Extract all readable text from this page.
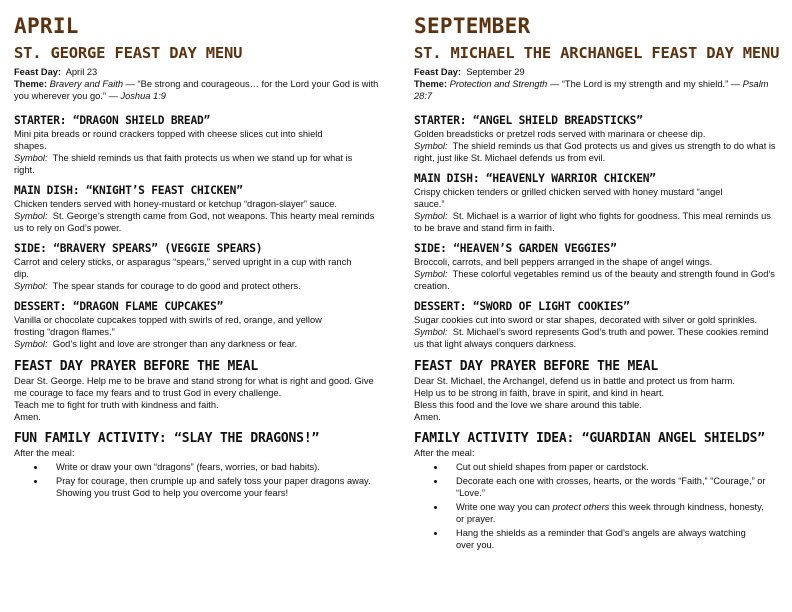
APRIL
ST. GEORGE FEAST DAY MENU

Feast Day: April 23

Theme: Bravery and Faith — “Be strong and courageous… for the Lord your God is with you wherever you go.” — Joshua 1:9

STARTER: “DRAGON SHIELD BREAD”

Mini pita breads or round crackers topped with cheese slices cut into shield shapes.

Symbol: The shield reminds us that faith protects us when we stand up for what is right.

MAIN DISH: “KNIGHT’S FEAST CHICKEN”

Chicken tenders served with honey-mustard or ketchup “dragon-slayer” sauce.

Symbol: St. George’s strength came from God, not weapons. This hearty meal reminds us to rely on God’s power.

SIDE: “BRAVERY SPEARS” (VEGGIE SPEARS)

Carrot and celery sticks, or asparagus “spears,” served upright in a cup with ranch dip.

Symbol: The spear stands for courage to do good and protect others.

DESSERT: “DRAGON FLAME CUPCAKES”

Vanilla or chocolate cupcakes topped with swirls of red, orange, and yellow frosting “dragon flames.”

Symbol: God’s light and love are stronger than any darkness or fear.

FEAST DAY PRAYER BEFORE THE MEAL

Dear St. George. Help me to be brave and stand strong for what is right and good. Give me courage to face my fears and to trust God in every challenge.

Teach me to fight for truth with kindness and faith.

Amen.

FUN FAMILY ACTIVITY: “SLAY THE DRAGONS!”

After the meal:

• Write or draw your own “dragons” (fears, worries, or bad habits).
• Pray for courage, then crumple up and safely toss your paper dragons away. Showing you trust God to help you overcome your fears!
SEPTEMBER
ST. MICHAEL THE ARCHANGEL FEAST DAY MENU

Feast Day: September 29

Theme: Protection and Strength — “The Lord is my strength and my shield.” — Psalm 28:7

STARTER: “ANGEL SHIELD BREADSTICKS”

Golden breadsticks or pretzel rods served with marinara or cheese dip.

Symbol: The shield reminds us that God protects us and gives us strength to do what is right, just like St. Michael defends us from evil.

MAIN DISH: “HEAVENLY WARRIOR CHICKEN”

Crispy chicken tenders or grilled chicken served with honey mustard “angel sauce.”

Symbol: St. Michael is a warrior of light who fights for goodness. This meal reminds us to be brave and stand firm in faith.

SIDE: “HEAVEN’S GARDEN VEGGIES”

Broccoli, carrots, and bell peppers arranged in the shape of angel wings.

Symbol: These colorful vegetables remind us of the beauty and strength found in God’s creation.

DESSERT: “SWORD OF LIGHT COOKIES”

Sugar cookies cut into sword or star shapes, decorated with silver or gold sprinkles.

Symbol: St. Michael’s sword represents God’s truth and power. These cookies remind us that light always conquers darkness.

FEAST DAY PRAYER BEFORE THE MEAL

Dear St. Michael, the Archangel, defend us in battle and protect us from harm.

Help us to be strong in faith, brave in spirit, and kind in heart.

Bless this food and the love we share around this table.

Amen.

FAMILY ACTIVITY IDEA: “GUARDIAN ANGEL SHIELDS”

After the meal:

• Cut out shield shapes from paper or cardstock.
• Decorate each one with crosses, hearts, or the words “Faith,” “Courage,” or “Love.”
• Write one way you can protect others this week through kindness, honesty, or prayer.
• Hang the shields as a reminder that God’s angels are always watching over you.
